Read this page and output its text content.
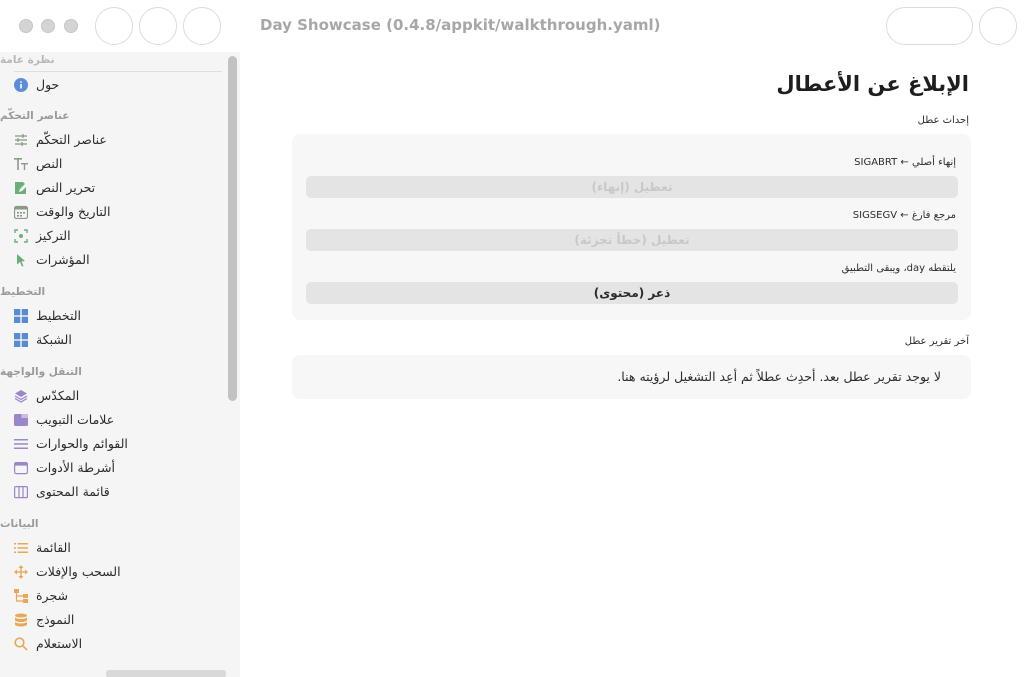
Day Showcase (0.4.8/appkit/walkthrough.yaml)
نظرة عامة
حول
عناصر التحكّم
عناصر التحكّم
النص
تحرير النص
التاريخ والوقت
التركيز
المؤشرات
التخطيط
التخطيط
الشبكة
التنقل والواجهة
المكدّس
علامات التبويب
القوائم والحوارات
أشرطة الأدوات
قائمة المحتوى
البيانات
القائمة
السحب والإفلات
شجرة
النموذج
الاستعلام
الإبلاغ عن الأعطال
إحداث عطل
إنهاء أصلي ← SIGABRT
تعطيل (إنهاء)
مرجع فارغ ← SIGSEGV
تعطيل (خطأ تجزئة)
يلتقطه day، ويبقى التطبيق
ذعر (محتوى)
آخر تقرير عطل
لا يوجد تقرير عطل بعد. أحدِث عطلاً ثم أعِد التشغيل لرؤيته هنا.
